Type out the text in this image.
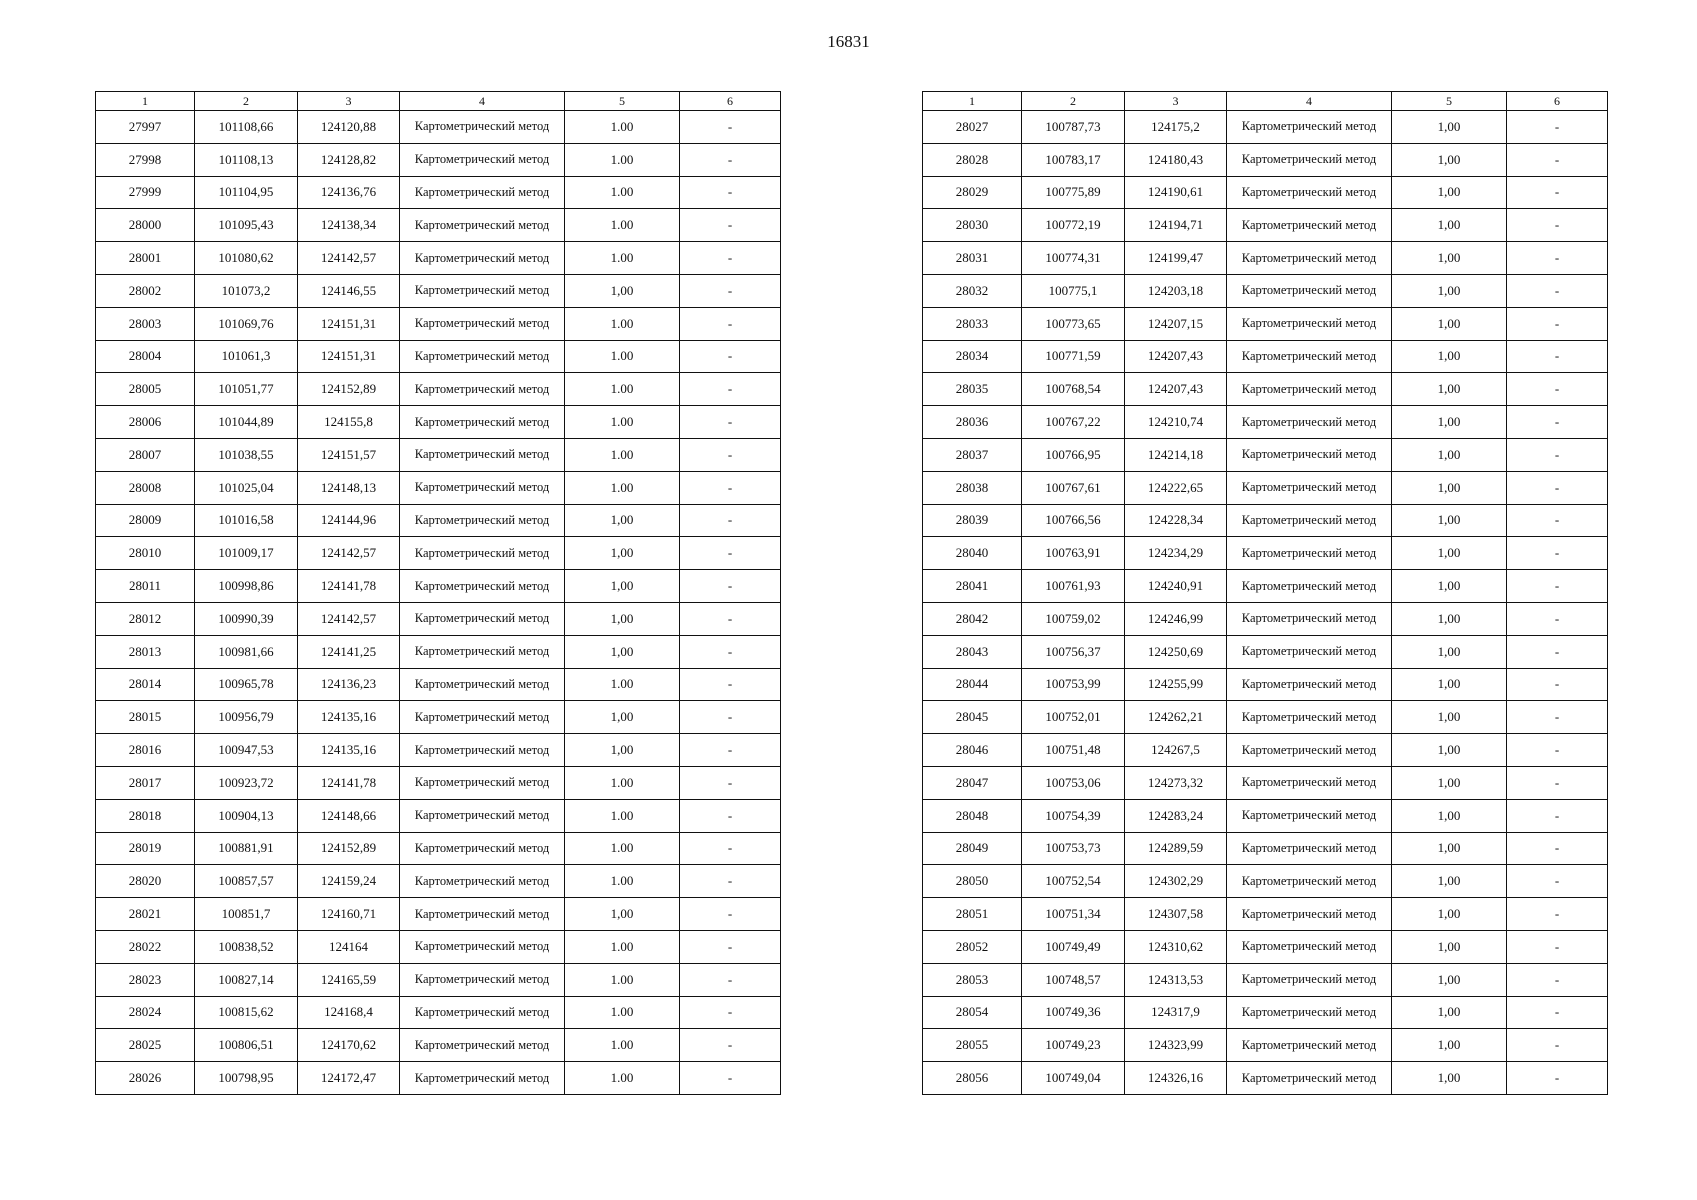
16831
1	2	3	4	5	6
27997	101108,66	124120,88	Картометрический метод	1.00	-
27998	101108,13	124128,82	Картометрический метод	1.00	-
27999	101104,95	124136,76	Картометрический метод	1.00	-
28000	101095,43	124138,34	Картометрический метод	1.00	-
28001	101080,62	124142,57	Картометрический метод	1.00	-
28002	101073,2	124146,55	Картометрический метод	1,00	-
28003	101069,76	124151,31	Картометрический метод	1.00	-
28004	101061,3	124151,31	Картометрический метод	1.00	-
28005	101051,77	124152,89	Картометрический метод	1.00	-
28006	101044,89	124155,8	Картометрический метод	1.00	-
28007	101038,55	124151,57	Картометрический метод	1.00	-
28008	101025,04	124148,13	Картометрический метод	1.00	-
28009	101016,58	124144,96	Картометрический метод	1,00	-
28010	101009,17	124142,57	Картометрический метод	1,00	-
28011	100998,86	124141,78	Картометрический метод	1,00	-
28012	100990,39	124142,57	Картометрический метод	1,00	-
28013	100981,66	124141,25	Картометрический метод	1,00	-
28014	100965,78	124136,23	Картометрический метод	1.00	-
28015	100956,79	124135,16	Картометрический метод	1,00	-
28016	100947,53	124135,16	Картометрический метод	1,00	-
28017	100923,72	124141,78	Картометрический метод	1.00	-
28018	100904,13	124148,66	Картометрический метод	1.00	-
28019	100881,91	124152,89	Картометрический метод	1.00	-
28020	100857,57	124159,24	Картометрический метод	1.00	-
28021	100851,7	124160,71	Картометрический метод	1,00	-
28022	100838,52	124164	Картометрический метод	1.00	-
28023	100827,14	124165,59	Картометрический метод	1.00	-
28024	100815,62	124168,4	Картометрический метод	1.00	-
28025	100806,51	124170,62	Картометрический метод	1.00	-
28026	100798,95	124172,47	Картометрический метод	1.00	-
1	2	3	4	5	6
28027	100787,73	124175,2	Картометрический метод	1,00	-
28028	100783,17	124180,43	Картометрический метод	1,00	-
28029	100775,89	124190,61	Картометрический метод	1,00	-
28030	100772,19	124194,71	Картометрический метод	1,00	-
28031	100774,31	124199,47	Картометрический метод	1,00	-
28032	100775,1	124203,18	Картометрический метод	1,00	-
28033	100773,65	124207,15	Картометрический метод	1,00	-
28034	100771,59	124207,43	Картометрический метод	1,00	-
28035	100768,54	124207,43	Картометрический метод	1,00	-
28036	100767,22	124210,74	Картометрический метод	1,00	-
28037	100766,95	124214,18	Картометрический метод	1,00	-
28038	100767,61	124222,65	Картометрический метод	1,00	-
28039	100766,56	124228,34	Картометрический метод	1,00	-
28040	100763,91	124234,29	Картометрический метод	1,00	-
28041	100761,93	124240,91	Картометрический метод	1,00	-
28042	100759,02	124246,99	Картометрический метод	1,00	-
28043	100756,37	124250,69	Картометрический метод	1,00	-
28044	100753,99	124255,99	Картометрический метод	1,00	-
28045	100752,01	124262,21	Картометрический метод	1,00	-
28046	100751,48	124267,5	Картометрический метод	1,00	-
28047	100753,06	124273,32	Картометрический метод	1,00	-
28048	100754,39	124283,24	Картометрический метод	1,00	-
28049	100753,73	124289,59	Картометрический метод	1,00	-
28050	100752,54	124302,29	Картометрический метод	1,00	-
28051	100751,34	124307,58	Картометрический метод	1,00	-
28052	100749,49	124310,62	Картометрический метод	1,00	-
28053	100748,57	124313,53	Картометрический метод	1,00	-
28054	100749,36	124317,9	Картометрический метод	1,00	-
28055	100749,23	124323,99	Картометрический метод	1,00	-
28056	100749,04	124326,16	Картометрический метод	1,00	-
